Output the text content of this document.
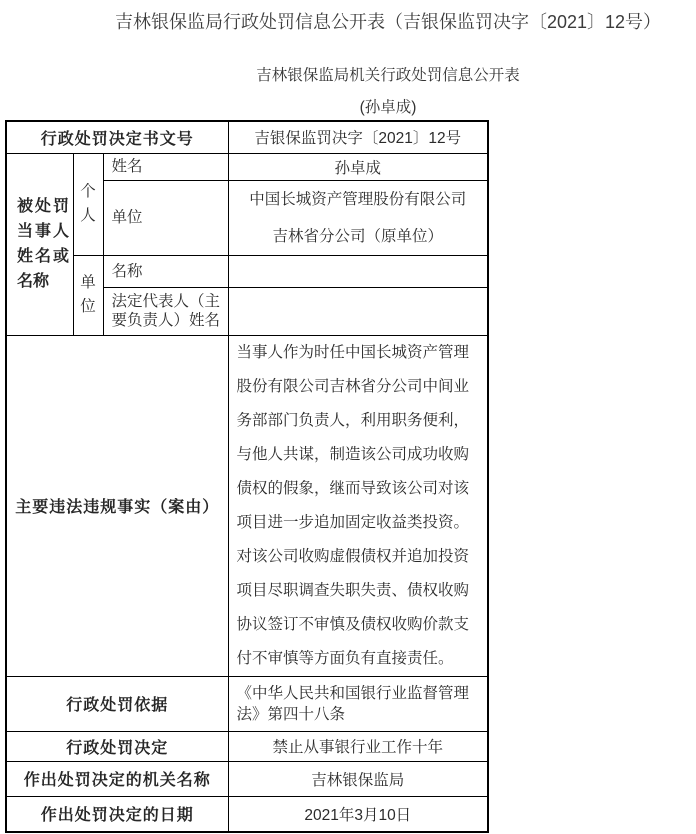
吉林银保监局行政处罚信息公开表（吉银保监罚决字〔2021〕12号）
吉林银保监局机关行政处罚信息公开表
(孙卓成)
行政处罚决定书文号			吉银保监罚决字〔2021〕12号

被处罚
当事人
姓名或
名称	个人	姓名	孙卓成
		单位	中国长城资产管理股份有限公司
吉林省分公司（原单位）

	单位	名称	
		法定代表人（主要负责人）姓名	
主要违法违规事实（案由）			当事人作为时任中国长城资产管理股份有限公司吉林省分公司中间业务部部门负责人，利用职务便利，与他人共谋，制造该公司成功收购债权的假象，继而导致该公司对该项目进一步追加固定收益类投资。对该公司收购虚假债权并追加投资项目尽职调查失职失责、债权收购协议签订不审慎及债权收购价款支付不审慎等方面负有直接责任。
行政处罚依据			《中华人民共和国银行业监督管理法》第四十八条
行政处罚决定			禁止从事银行业工作十年
作出处罚决定的机关名称			吉林银保监局
作出处罚决定的日期			2021年3月10日
